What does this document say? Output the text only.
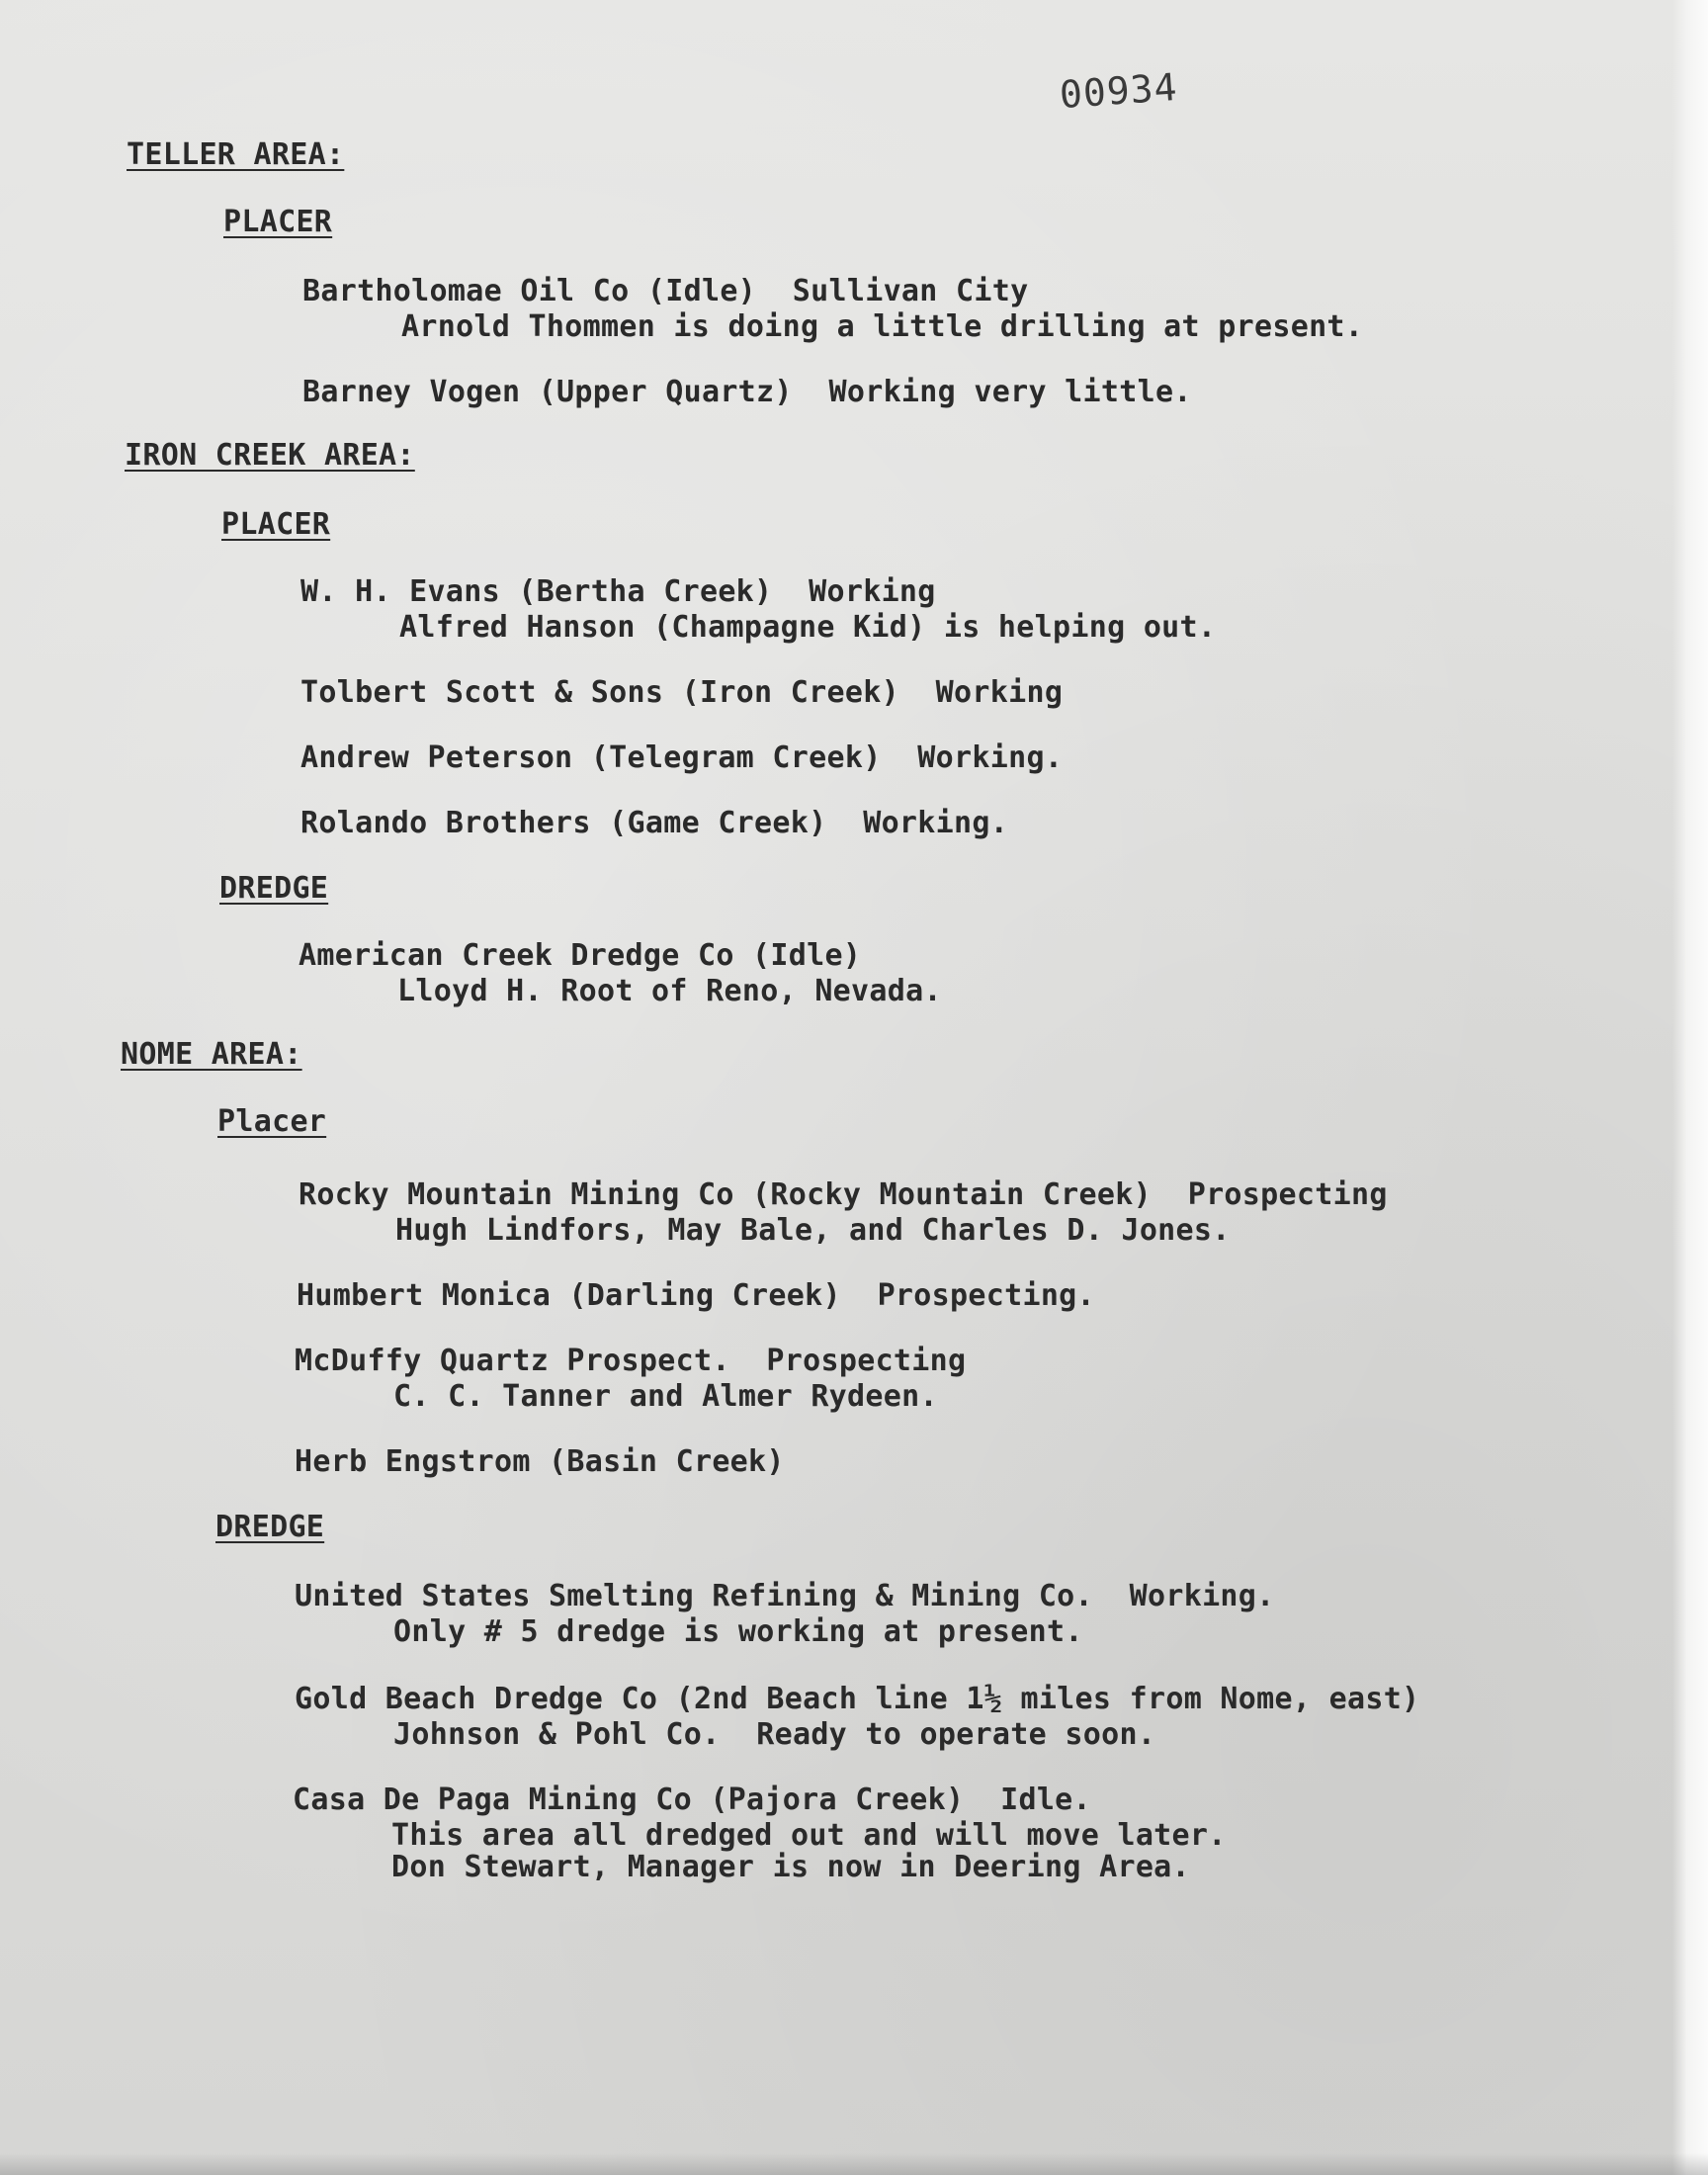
00934
TELLER AREA:
PLACER
Bartholomae Oil Co (Idle)  Sullivan City
Arnold Thommen is doing a little drilling at present.
Barney Vogen (Upper Quartz)  Working very little.
IRON CREEK AREA:
PLACER
W. H. Evans (Bertha Creek)  Working
Alfred Hanson (Champagne Kid) is helping out.
Tolbert Scott & Sons (Iron Creek)  Working
Andrew Peterson (Telegram Creek)  Working.
Rolando Brothers (Game Creek)  Working.
DREDGE
American Creek Dredge Co (Idle)
Lloyd H. Root of Reno, Nevada.
NOME AREA:
Placer
Rocky Mountain Mining Co (Rocky Mountain Creek)  Prospecting
Hugh Lindfors, May Bale, and Charles D. Jones.
Humbert Monica (Darling Creek)  Prospecting.
McDuffy Quartz Prospect.  Prospecting
C. C. Tanner and Almer Rydeen.
Herb Engstrom (Basin Creek)
DREDGE
United States Smelting Refining & Mining Co.  Working.
Only # 5 dredge is working at present.
Gold Beach Dredge Co (2nd Beach line 1½ miles from Nome, east)
Johnson & Pohl Co.  Ready to operate soon.
Casa De Paga Mining Co (Pajora Creek)  Idle.
This area all dredged out and will move later.
Don Stewart, Manager is now in Deering Area.
